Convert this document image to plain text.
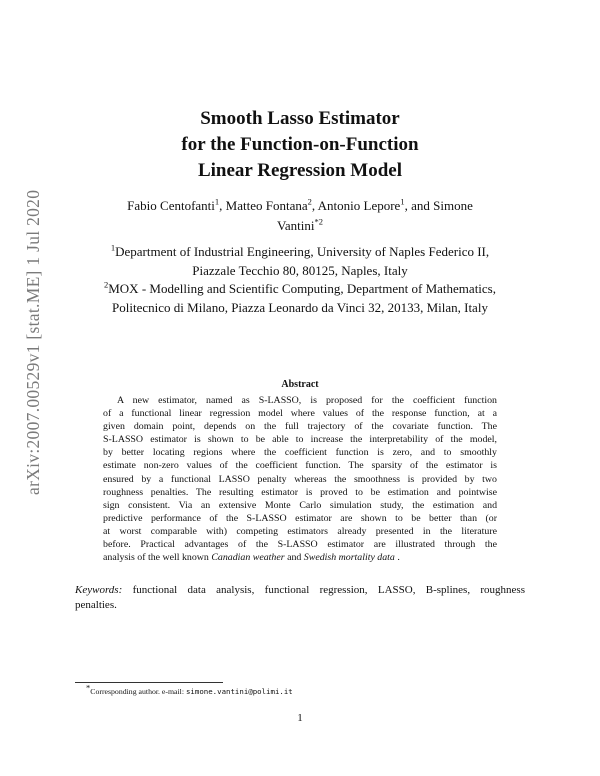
arXiv:2007.00529v1 [stat.ME] 1 Jul 2020
Smooth Lasso Estimator
for the Function-on-Function
Linear Regression Model
Fabio Centofanti$^1$, Matteo Fontana$^2$, Antonio Lepore$^1$, and Simone
Vantini$^{*2}$
$^1$Department of Industrial Engineering, University of Naples Federico II,
Piazzale Tecchio 80, 80125, Naples, Italy
$^2$MOX - Modelling and Scientific Computing, Department of Mathematics,
Politecnico di Milano, Piazza Leonardo da Vinci 32, 20133, Milan, Italy
Abstract
A new estimator, named as S-LASSO, is proposed for the coefficient function
of a functional linear regression model where values of the response function, at a
given domain point, depends on the full trajectory of the covariate function. The
S-LASSO estimator is shown to be able to increase the interpretability of the model,
by better locating regions where the coefficient function is zero, and to smoothly
estimate non-zero values of the coefficient function. The sparsity of the estimator is
ensured by a functional LASSO penalty whereas the smoothness is provided by two
roughness penalties. The resulting estimator is proved to be estimation and pointwise
sign consistent. Via an extensive Monte Carlo simulation study, the estimation and
predictive performance of the S-LASSO estimator are shown to be better than (or
at worst comparable with) competing estimators already presented in the literature
before. Practical advantages of the S-LASSO estimator are illustrated through the
analysis of the well known Canadian weather and Swedish mortality data .
Keywords: functional data analysis, functional regression, LASSO, B-splines, roughness
penalties.
*Corresponding author. e-mail: simone.vantini@polimi.it
1
